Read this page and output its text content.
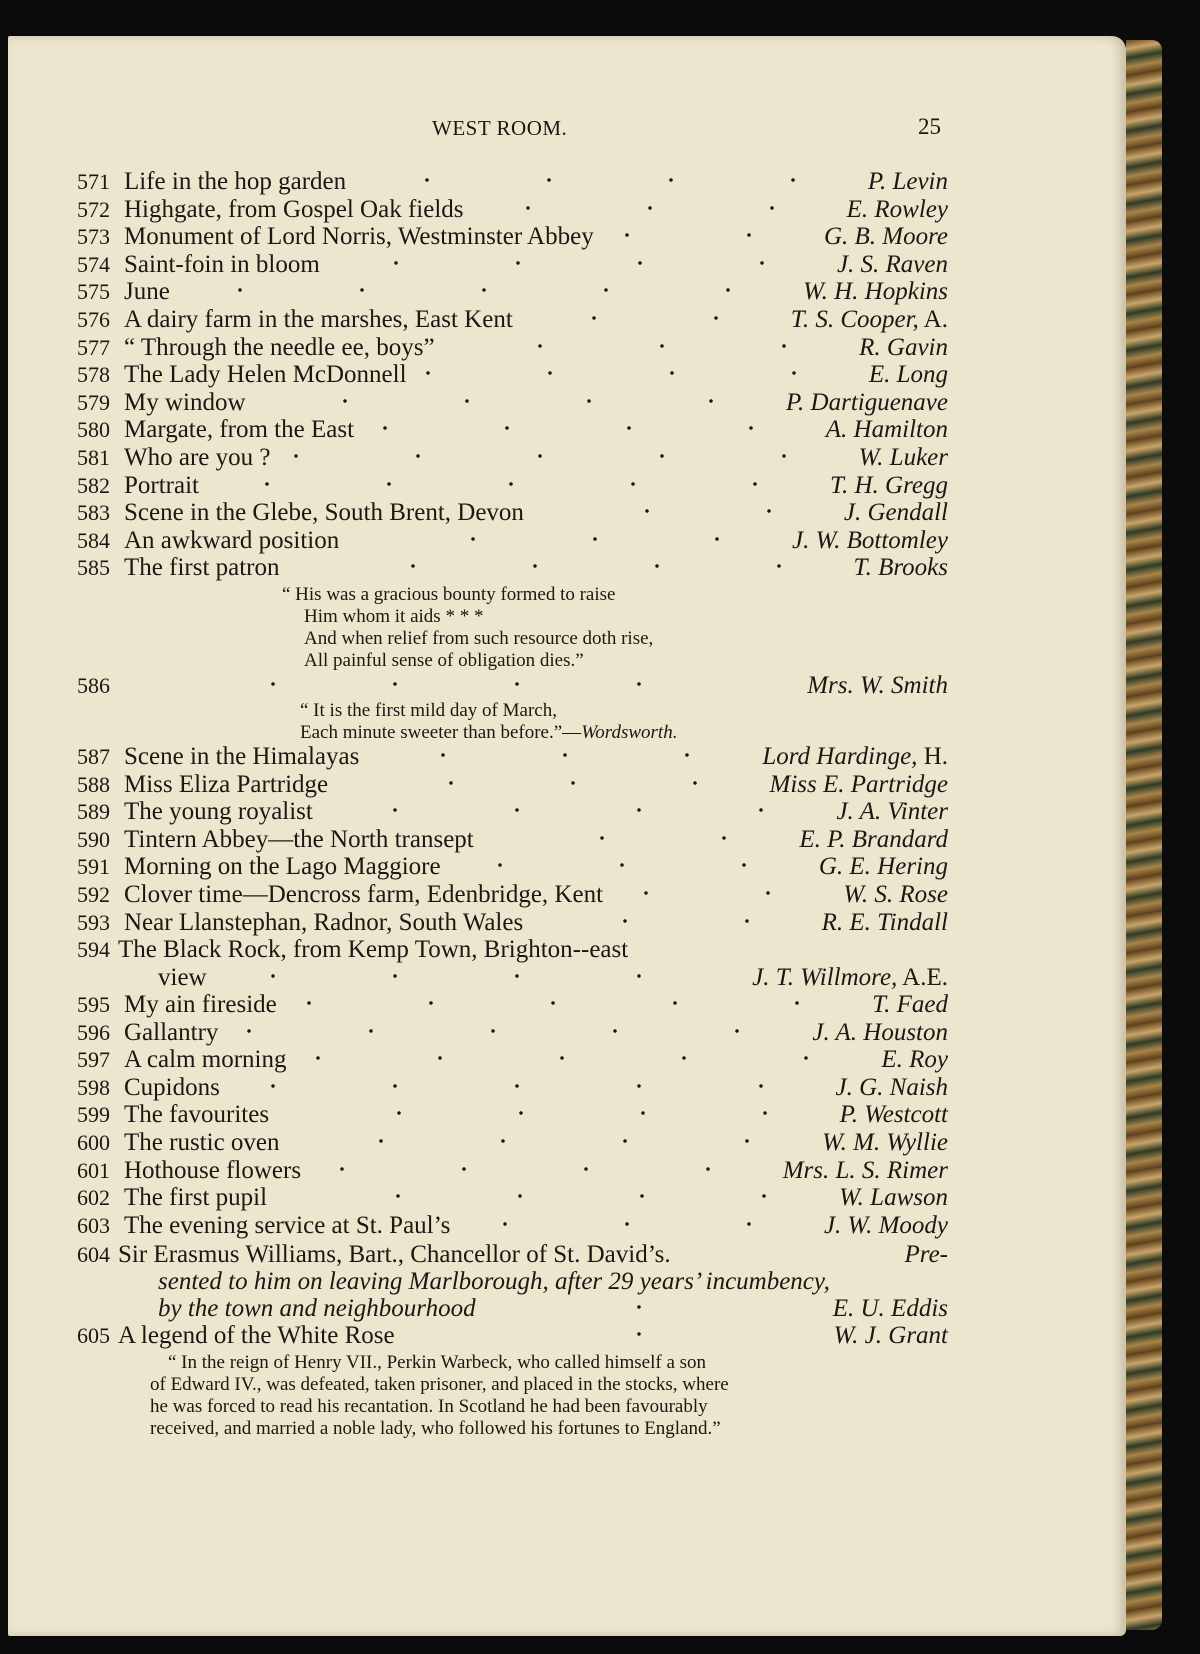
WEST ROOM.	25
571 Life in the hop garden	P. Levin
572 Highgate, from Gospel Oak fields	E. Rowley
573 Monument of Lord Norris, Westminster Abbey	G. B. Moore
574 Saint-foin in bloom	J. S. Raven
575 June	W. H. Hopkins
576 A dairy farm in the marshes, East Kent	T. S. Cooper, A.
577 “ Through the needle ee, boys”	R. Gavin
578 The Lady Helen McDonnell	E. Long
579 My window	P. Dartiguenave
580 Margate, from the East	A. Hamilton
581 Who are you ?	W. Luker
582 Portrait	T. H. Gregg
583 Scene in the Glebe, South Brent, Devon	J. Gendall
584 An awkward position	J. W. Bottomley
585 The first patron	T. Brooks
“ His was a gracious bounty formed to raise
Him whom it aids * * *
And when relief from such resource doth rise,
All painful sense of obligation dies.”
586	Mrs. W. Smith
“ It is the first mild day of March,
Each minute sweeter than before.”—Wordsworth.
587 Scene in the Himalayas	Lord Hardinge, H.
588 Miss Eliza Partridge	Miss E. Partridge
589 The young royalist	J. A. Vinter
590 Tintern Abbey—the North transept	E. P. Brandard
591 Morning on the Lago Maggiore	G. E. Hering
592 Clover time—Dencross farm, Edenbridge, Kent	W. S. Rose
593 Near Llanstephan, Radnor, South Wales	R. E. Tindall
594 The Black Rock, from Kemp Town, Brighton--east
view	J. T. Willmore, A.E.
595 My ain fireside	T. Faed
596 Gallantry	J. A. Houston
597 A calm morning	E. Roy
598 Cupidons	J. G. Naish
599 The favourites	P. Westcott
600 The rustic oven	W. M. Wyllie
601 Hothouse flowers	Mrs. L. S. Rimer
602 The first pupil	W. Lawson
603 The evening service at St. Paul’s	J. W. Moody
604 Sir Erasmus Williams, Bart., Chancellor of St. David’s.	Pre-
sented to him on leaving Marlborough, after 29 years’ incumbency,
by the town and neighbourhood	E. U. Eddis
605 A legend of the White Rose	W. J. Grant
“ In the reign of Henry VII., Perkin Warbeck, who called himself a son
of Edward IV., was defeated, taken prisoner, and placed in the stocks, where
he was forced to read his recantation. In Scotland he had been favourably
received, and married a noble lady, who followed his fortunes to England.”
